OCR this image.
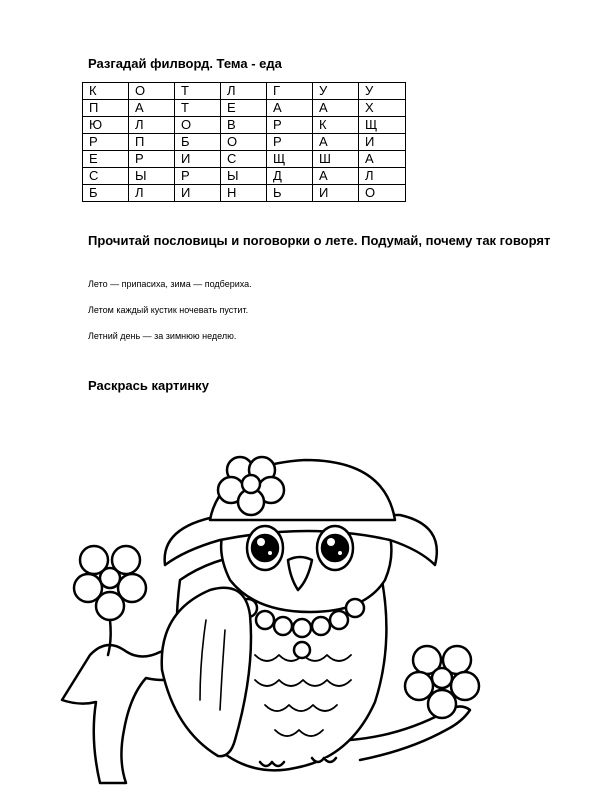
Разгадай филворд. Тема - еда
К	О	Т	Л	Г	У	У
П	А	Т	Е	А	А	Х
Ю	Л	О	В	Р	К	Щ
Р	П	Б	О	Р	А	И
Е	Р	И	С	Щ	Ш	А
С	Ы	Р	Ы	Д	А	Л
Б	Л	И	Н	Ь	И	О
Прочитай пословицы и поговорки о лете. Подумай, почему так говорят

Лето — припасиха, зима — подбериха.

Летом каждый кустик ночевать пустит.

Летний день — за зимнюю неделю.

Раскрась картинку
